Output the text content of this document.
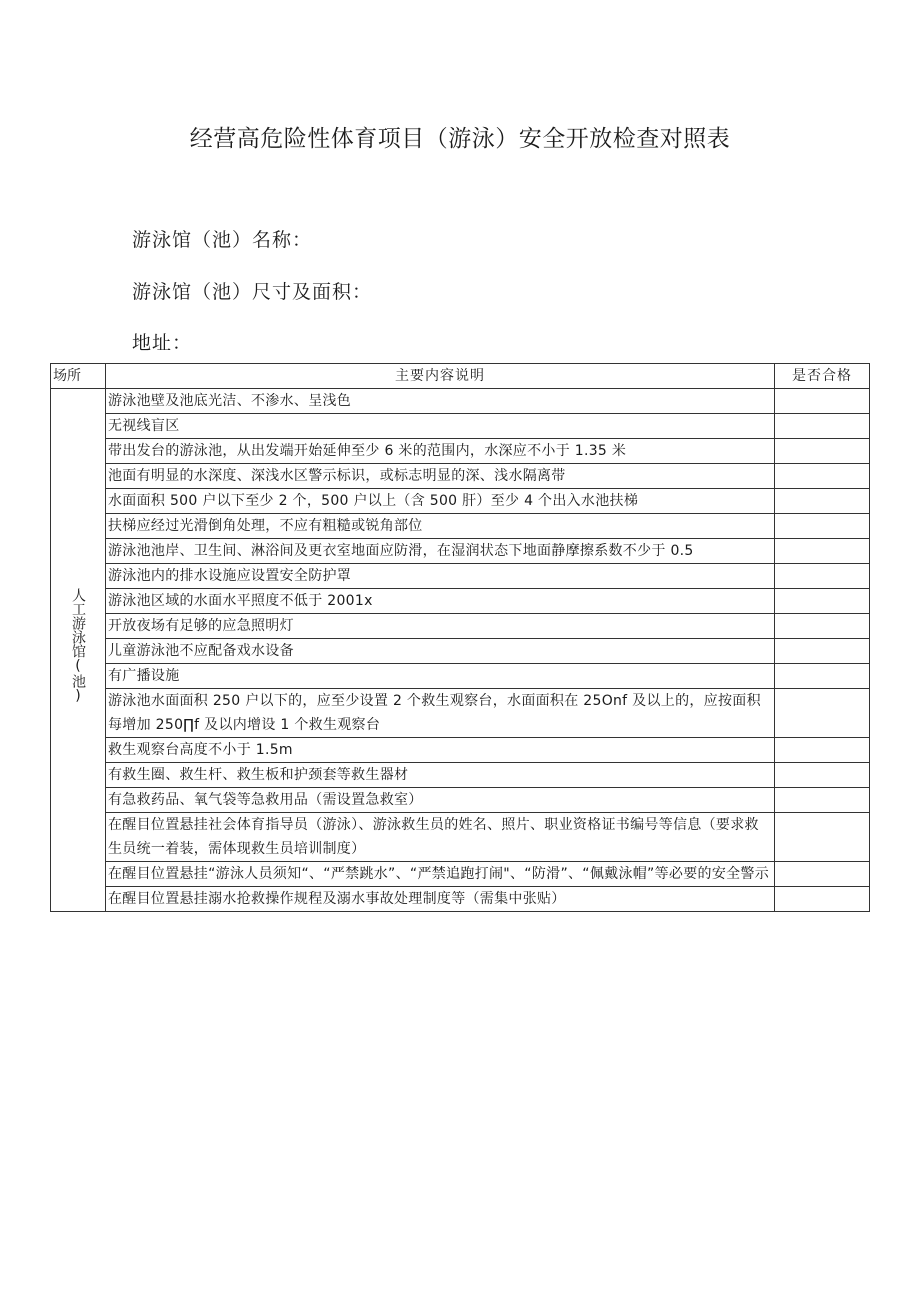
经营高危险性体育项目（游泳）安全开放检查对照表
游泳馆（池）名称：
游泳馆（池）尺寸及面积：
地址：
场所	主要内容说明	是否合格
人工游泳馆(池)	游泳池壁及池底光洁、不渗水、呈浅色	
	无视线盲区	
	带出发台的游泳池，从出发端开始延伸至少 6 米的范围内，水深应不小于 1.35 米	
	池面有明显的水深度、深浅水区警示标识，或标志明显的深、浅水隔离带	
	水面面积 500 户以下至少 2 个，500 户以上（含 500 肝）至少 4 个出入水池扶梯	
	扶梯应经过光滑倒角处理，不应有粗糙或锐角部位	
	游泳池池岸、卫生间、淋浴间及更衣室地面应防滑，在湿润状态下地面静摩擦系数不少于 0.5	
	游泳池内的排水设施应设置安全防护罩	
	游泳池区域的水面水平照度不低于 2001x	
	开放夜场有足够的应急照明灯	
	儿童游泳池不应配备戏水设备	
	有广播设施	
	游泳池水面面积 250 户以下的，应至少设置 2 个救生观察台，水面面积在 25Onf 及以上的，应按面积每增加 250∏f 及以内增设 1 个救生观察台	
	救生观察台高度不小于 1.5m	
	有救生圈、救生杆、救生板和护颈套等救生器材	
	有急救药品、氧气袋等急救用品（需设置急救室）	
	在醒目位置悬挂社会体育指导员（游泳）、游泳救生员的姓名、照片、职业资格证书编号等信息（要求救生员统一着装，需体现救生员培训制度）	
	在醒目位置悬挂“游泳人员须知“、“严禁跳水”、“严禁追跑打闹"、“防滑”、“佩戴泳帽”等必要的安全警示	
	在醒目位置悬挂溺水抢救操作规程及溺水事故处理制度等（需集中张贴）	
